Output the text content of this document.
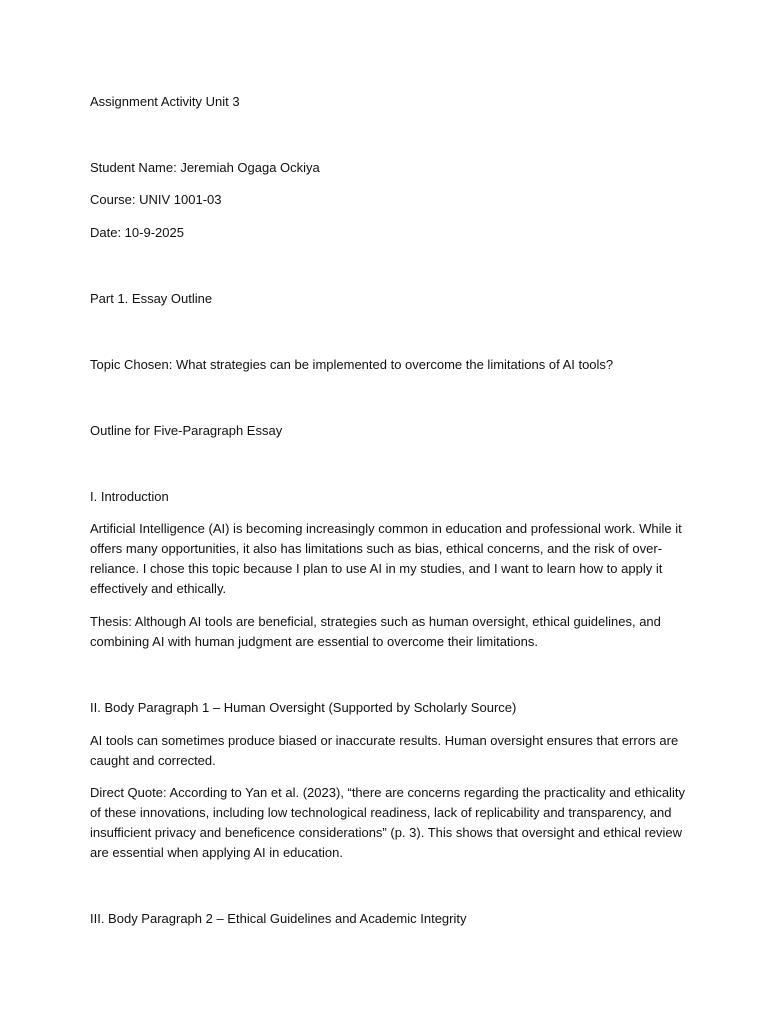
Assignment Activity Unit 3

Student Name: Jeremiah Ogaga Ockiya

Course: UNIV 1001-03

Date: 10-9-2025

Part 1. Essay Outline

Topic Chosen: What strategies can be implemented to overcome the limitations of AI tools?

Outline for Five-Paragraph Essay

I. Introduction

Artificial Intelligence (AI) is becoming increasingly common in education and professional work. While it
offers many opportunities, it also has limitations such as bias, ethical concerns, and the risk of over-
reliance. I chose this topic because I plan to use AI in my studies, and I want to learn how to apply it
effectively and ethically.
Thesis: Although AI tools are beneficial, strategies such as human oversight, ethical guidelines, and
combining AI with human judgment are essential to overcome their limitations.

II. Body Paragraph 1 – Human Oversight (Supported by Scholarly Source)

AI tools can sometimes produce biased or inaccurate results. Human oversight ensures that errors are
caught and corrected.
Direct Quote: According to Yan et al. (2023), “there are concerns regarding the practicality and ethicality
of these innovations, including low technological readiness, lack of replicability and transparency, and
insufficient privacy and beneficence considerations” (p. 3). This shows that oversight and ethical review
are essential when applying AI in education.

III. Body Paragraph 2 – Ethical Guidelines and Academic Integrity
